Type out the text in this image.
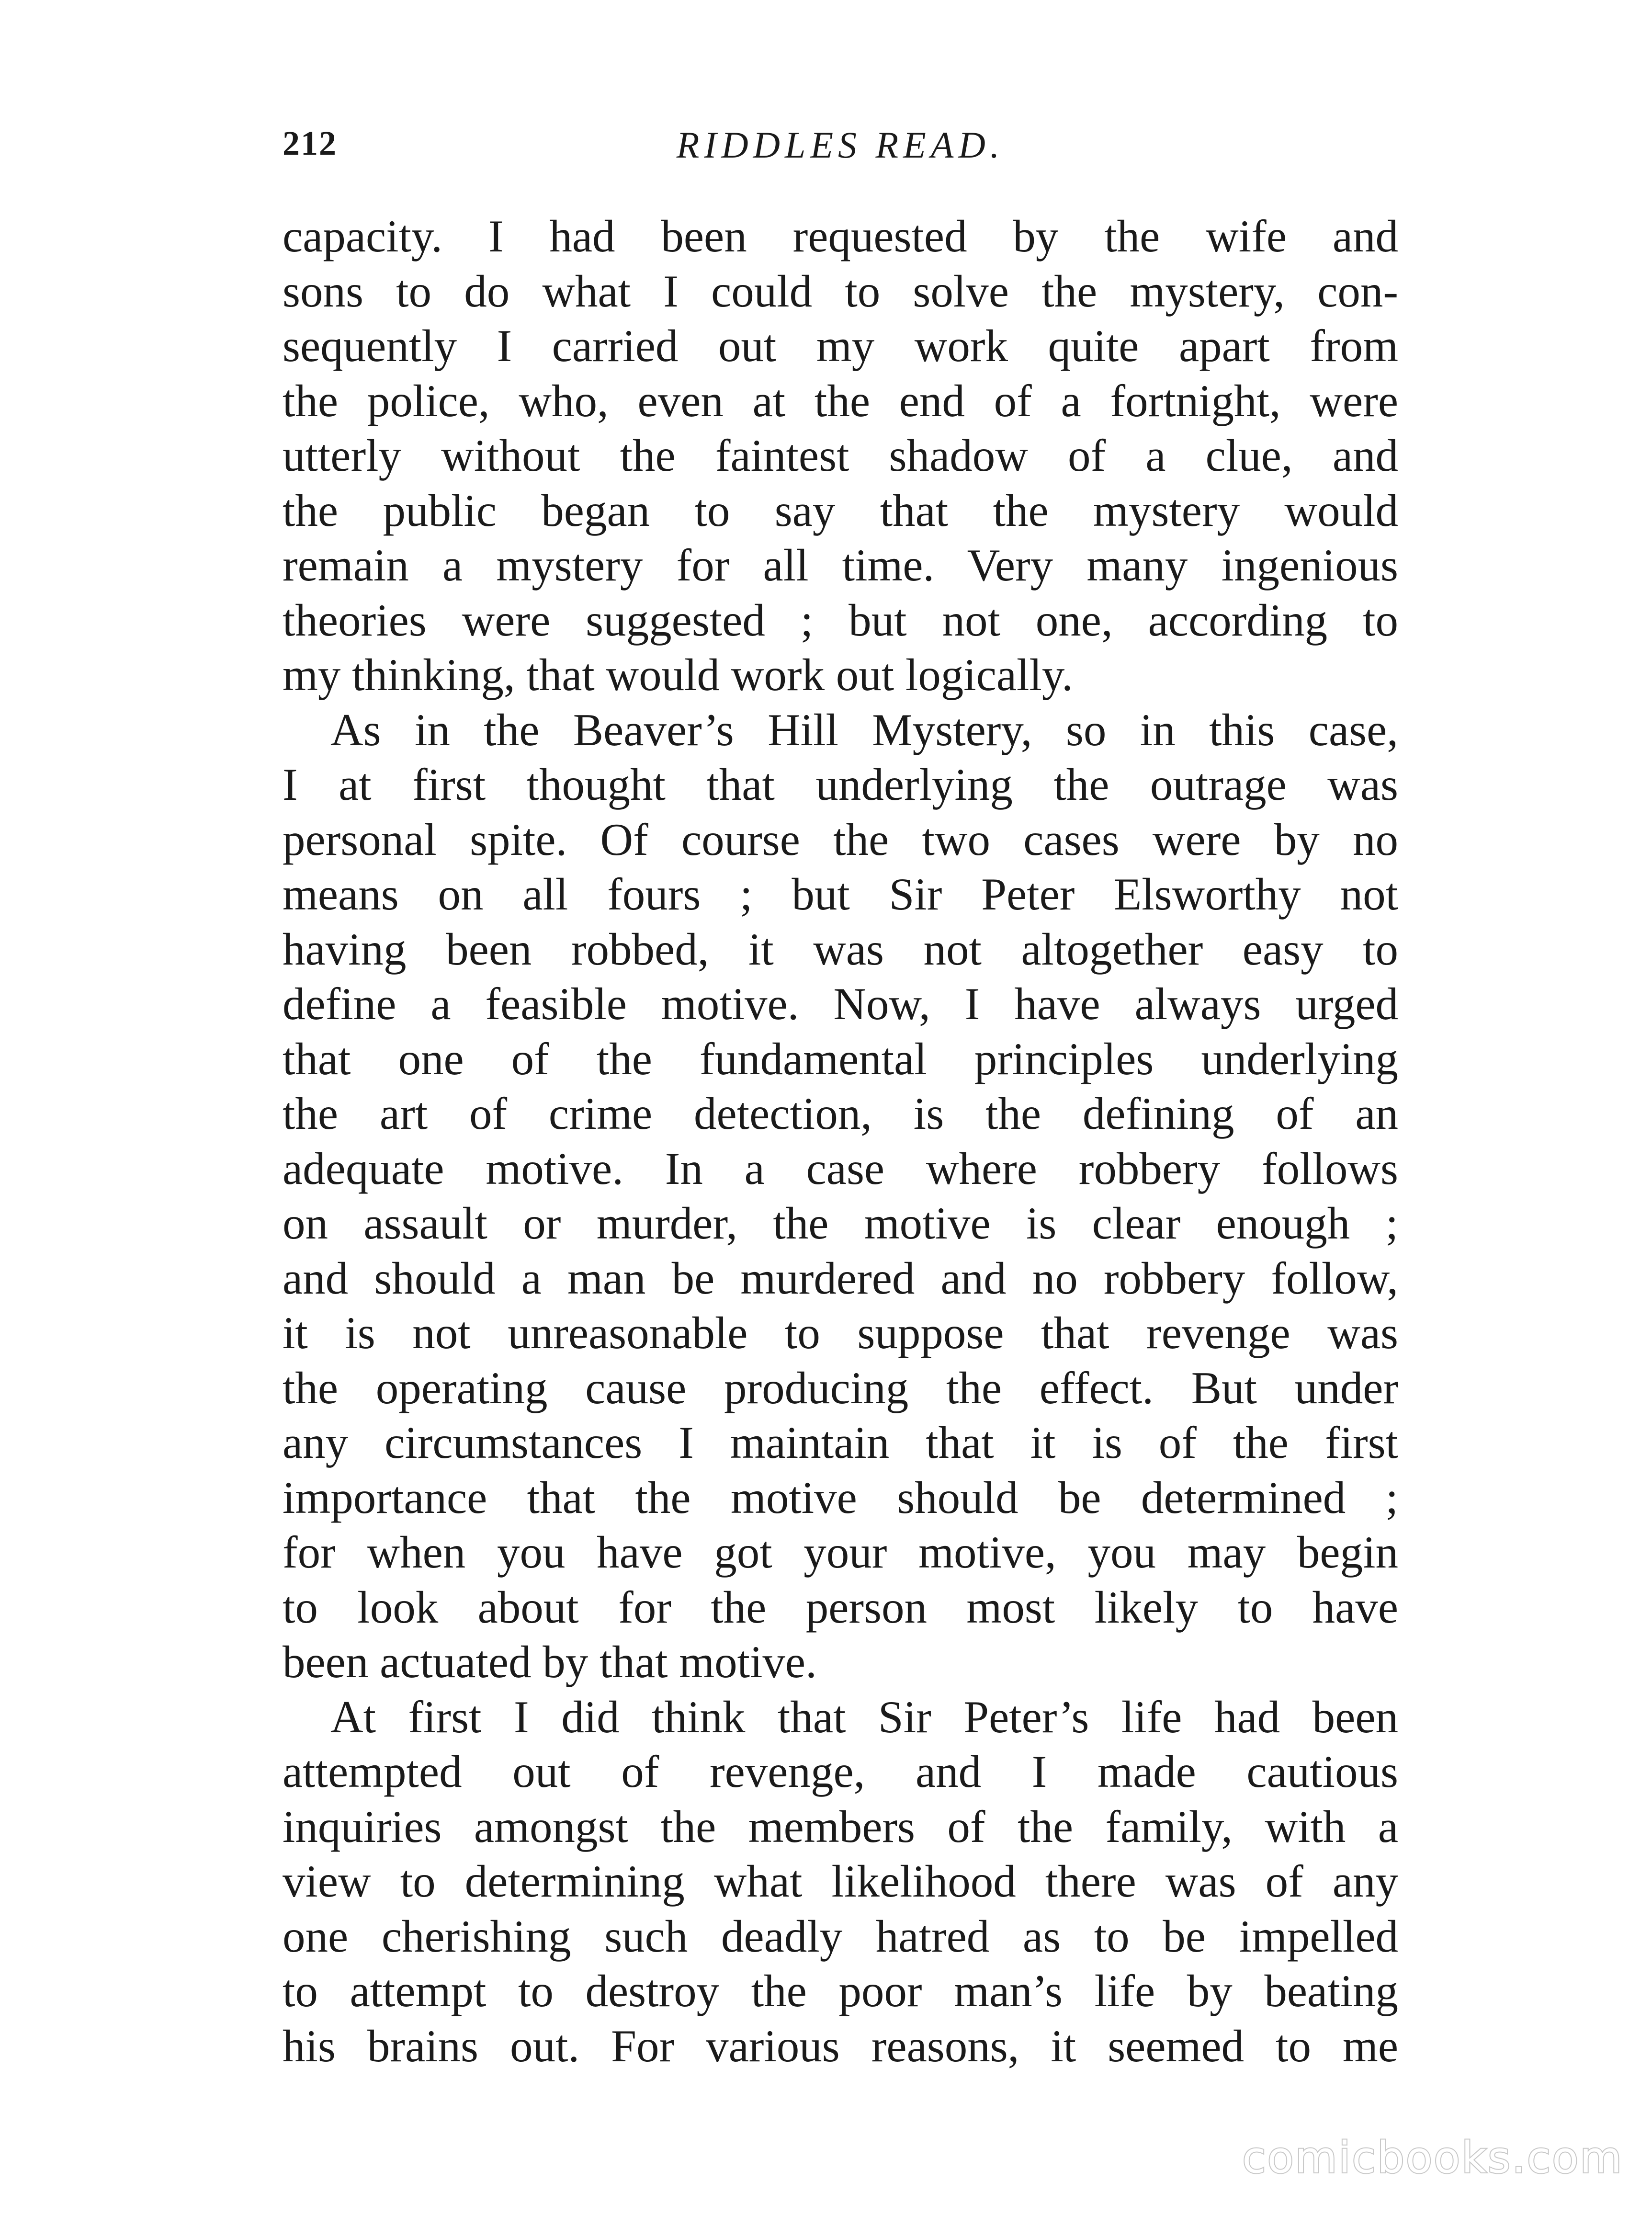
212	RIDDLES READ.
capacity. I had been requested by the wife and
sons to do what I could to solve the mystery, con-
sequently I carried out my work quite apart from
the police, who, even at the end of a fortnight, were
utterly without the faintest shadow of a clue, and
the public began to say that the mystery would
remain a mystery for all time. Very many ingenious
theories were suggested ; but not one, according to
my thinking, that would work out logically.
As in the Beaver’s Hill Mystery, so in this case,
I at first thought that underlying the outrage was
personal spite. Of course the two cases were by no
means on all fours ; but Sir Peter Elsworthy not
having been robbed, it was not altogether easy to
define a feasible motive. Now, I have always urged
that one of the fundamental principles underlying
the art of crime detection, is the defining of an
adequate motive. In a case where robbery follows
on assault or murder, the motive is clear enough ;
and should a man be murdered and no robbery follow,
it is not unreasonable to suppose that revenge was
the operating cause producing the effect. But under
any circumstances I maintain that it is of the first
importance that the motive should be determined ;
for when you have got your motive, you may begin
to look about for the person most likely to have
been actuated by that motive.
At first I did think that Sir Peter’s life had been
attempted out of revenge, and I made cautious
inquiries amongst the members of the family, with a
view to determining what likelihood there was of any
one cherishing such deadly hatred as to be impelled
to attempt to destroy the poor man’s life by beating
his brains out. For various reasons, it seemed to me
comicbooks.com
